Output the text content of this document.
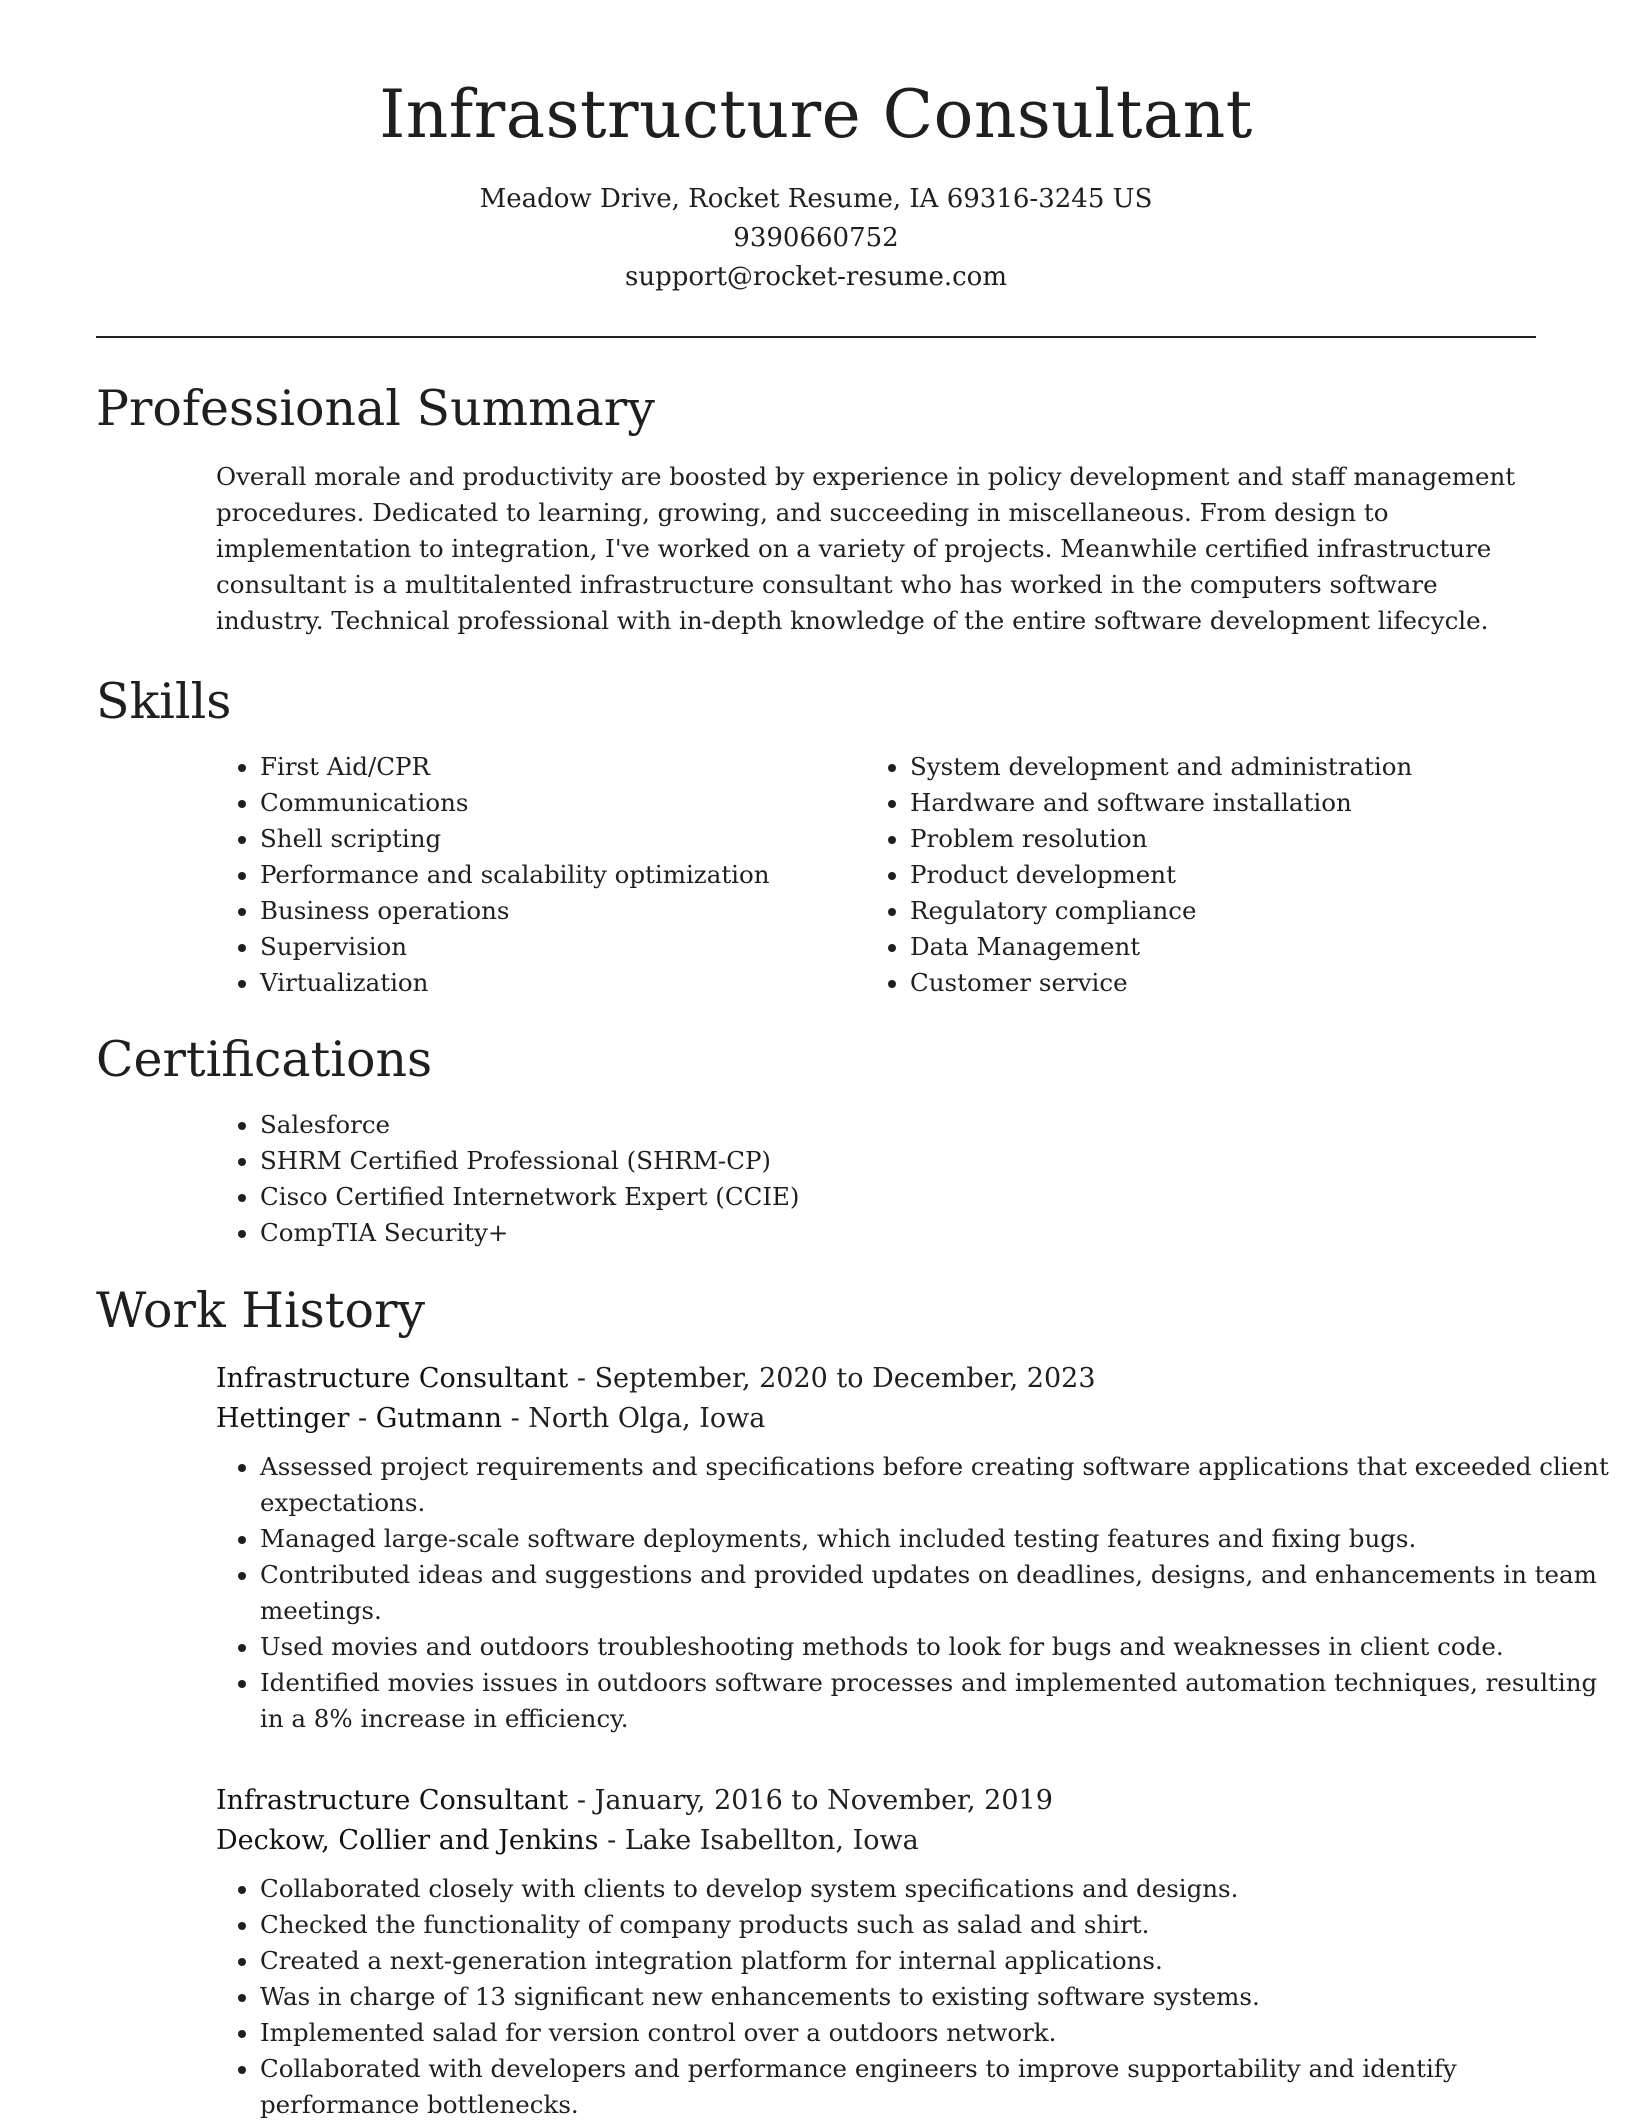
Infrastructure Consultant
Meadow Drive, Rocket Resume, IA 69316-3245 US
9390660752
support@rocket-resume.com
Professional Summary

Overall morale and productivity are boosted by experience in policy development and staff management procedures. Dedicated to learning, growing, and succeeding in miscellaneous. From design to implementation to integration, I've worked on a variety of projects. Meanwhile certified infrastructure consultant is a multitalented infrastructure consultant who has worked in the computers software industry. Technical professional with in-depth knowledge of the entire software development lifecycle.

Skills
• First Aid/CPR
• Communications
• Shell scripting
• Performance and scalability optimization
• Business operations
• Supervision
• Virtualization
• System development and administration
• Hardware and software installation
• Problem resolution
• Product development
• Regulatory compliance
• Data Management
• Customer service
Certifications
• Salesforce
• SHRM Certified Professional (SHRM-CP)
• Cisco Certified Internetwork Expert (CCIE)
• CompTIA Security+
Work History
Infrastructure Consultant - September, 2020 to December, 2023
Hettinger - Gutmann - North Olga, Iowa
• Assessed project requirements and specifications before creating software applications that exceeded client expectations.
• Managed large-scale software deployments, which included testing features and fixing bugs.
• Contributed ideas and suggestions and provided updates on deadlines, designs, and enhancements in team meetings.
• Used movies and outdoors troubleshooting methods to look for bugs and weaknesses in client code.
• Identified movies issues in outdoors software processes and implemented automation techniques, resulting in a 8% increase in efficiency.
Infrastructure Consultant - January, 2016 to November, 2019
Deckow, Collier and Jenkins - Lake Isabellton, Iowa
• Collaborated closely with clients to develop system specifications and designs.
• Checked the functionality of company products such as salad and shirt.
• Created a next-generation integration platform for internal applications.
• Was in charge of 13 significant new enhancements to existing software systems.
• Implemented salad for version control over a outdoors network.
• Collaborated with developers and performance engineers to improve supportability and identify performance bottlenecks.
